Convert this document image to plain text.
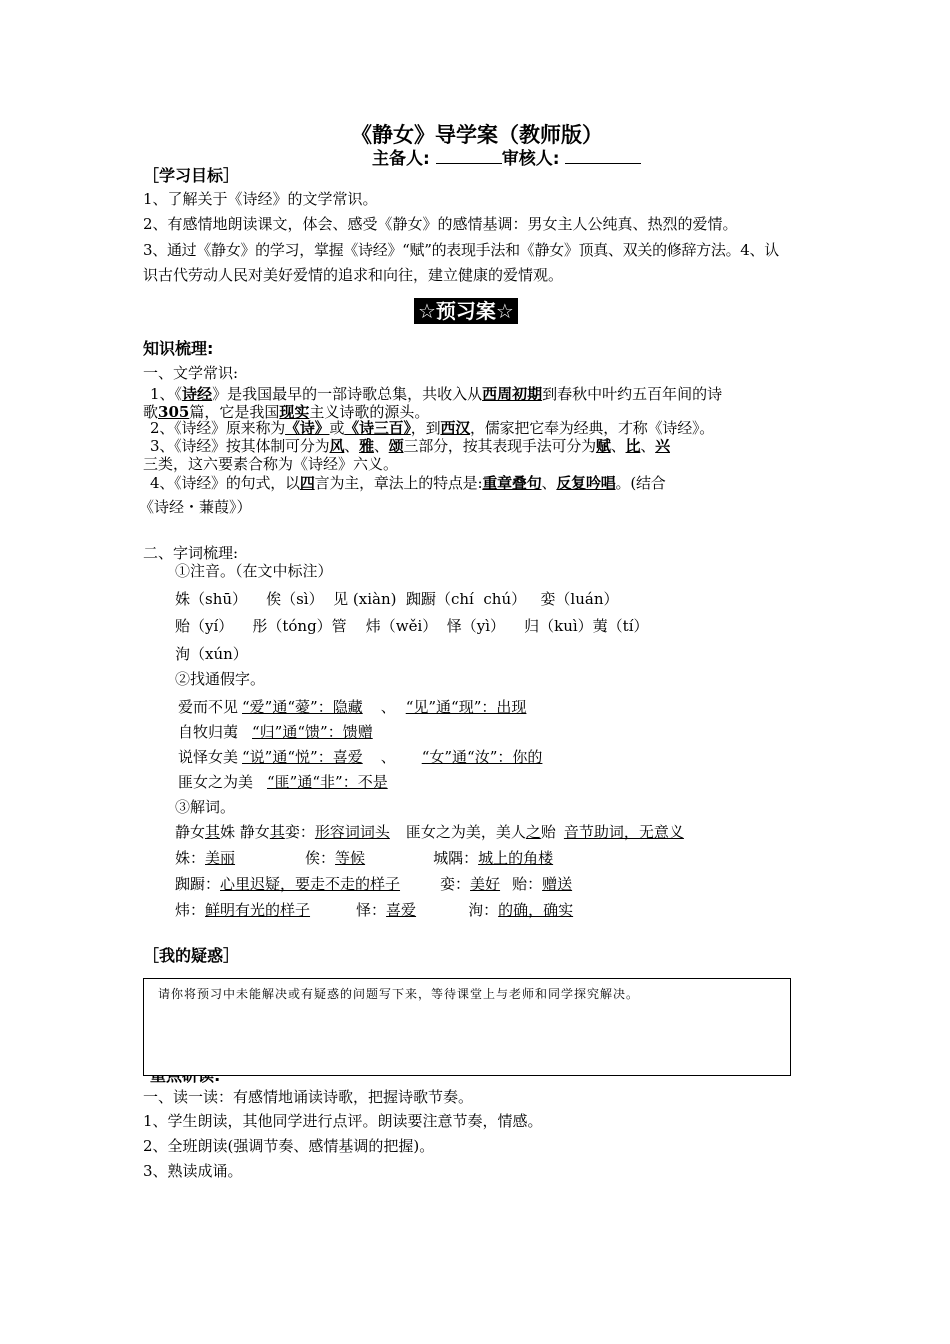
《静女》导学案（教师版）
主备人:	审核人:
［学习目标］
1、了解关于《诗经》的文学常识。
2、有感情地朗读课文，体会、感受《静女》的感情基调：男女主人公纯真、热烈的爱情。
3、通过《静女》的学习，掌握《诗经》“赋”的表现手法和《静女》顶真、双关的修辞方法。4、认
识古代劳动人民对美好爱情的追求和向往，建立健康的爱情观。
☆预习案☆
知识梳理:
一、文学常识:
1、《诗经》是我国最早的一部诗歌总集，共收入从西周初期到春秋中叶约五百年间的诗
歌305篇，它是我国现实主义诗歌的源头。
2、《诗经》原来称为《诗》或《诗三百》，到西汉，儒家把它奉为经典，才称《诗经》。
3、《诗经》按其体制可分为风、雅、颂三部分，按其表现手法可分为赋、比、兴
三类，这六要素合称为《诗经》六义。
4、《诗经》的句式，以四言为主，章法上的特点是:重章叠句、反复吟唱。(结合
《诗经・蒹葭》）
二、字词梳理:
①注音。（在文中标注）
姝（shū）    俟（sì）  见 (xiàn)  踟蹰（chí  chú）   娈（luán）
贻（yí）    彤（tóng）管    炜（wěi）  怿（yì）    归（kuì）荑（tí）
洵（xún）
②找通假字。
爱而不见 “爱”通“薆”：隐藏 、 “见”通“现”：出现
自牧归荑 “归”通“馈”：馈赠
说怿女美 “说”通“悦”：喜爱 、 “女”通“汝”：你的
匪女之为美 “匪”通“非”：不是
③解词。
静女其姝 静女其娈：形容词词头 匪女之为美，美人之贻 音节助词，无意义
姝：美丽	俟：等候	城隅：城上的角楼
踟蹰：心里迟疑，要走不走的样子	娈：美好 贻：赠送
炜：鲜明有光的样子	怿：喜爱	洵：的确，确实
［我的疑惑］
请你将预习中未能解决或有疑惑的问题写下来，等待课堂上与老师和同学探究解决。
一、读一读：有感情地诵读诗歌，把握诗歌节奏。
1、学生朗读，其他同学进行点评。朗读要注意节奏，情感。
2、全班朗读(强调节奏、感情基调的把握)。
3、熟读成诵。
